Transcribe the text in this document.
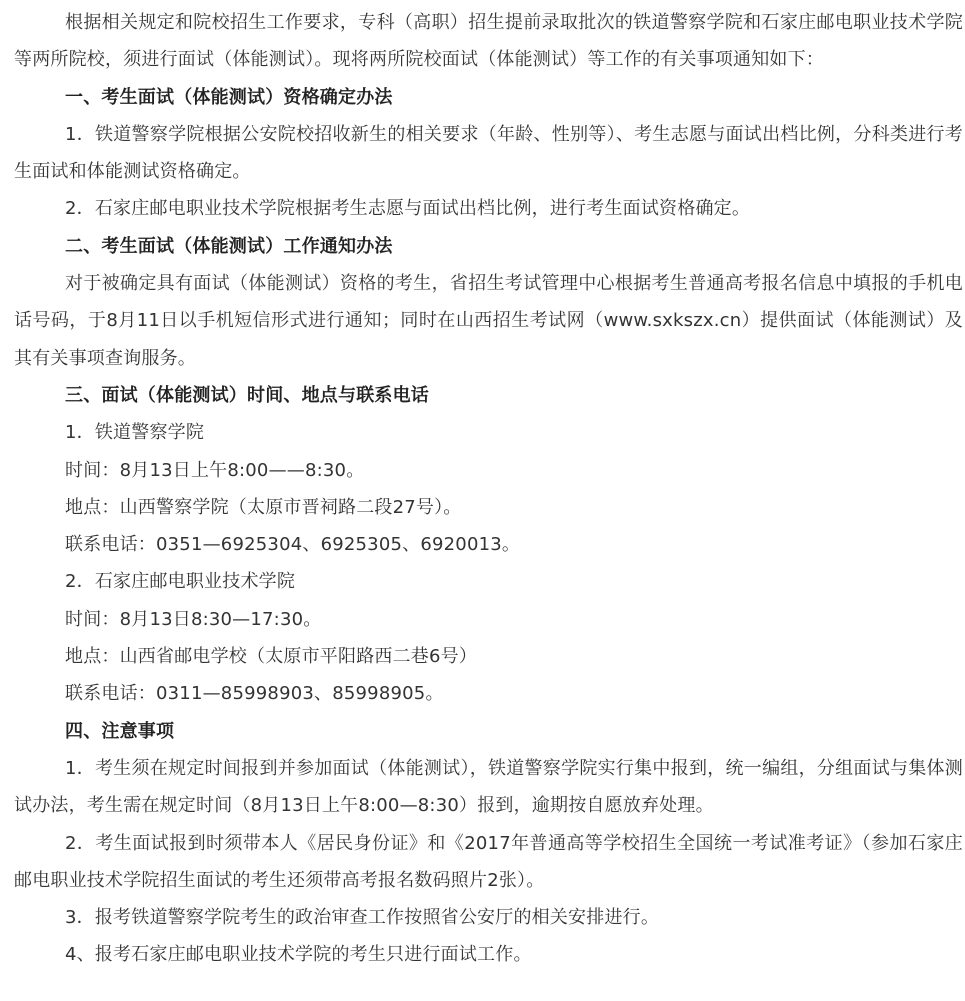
根据相关规定和院校招生工作要求，专科（高职）招生提前录取批次的铁道警察学院和石家庄邮电职业技术学院等两所院校，须进行面试（体能测试）。现将两所院校面试（体能测试）等工作的有关事项通知如下：

一、考生面试（体能测试）资格确定办法

1．铁道警察学院根据公安院校招收新生的相关要求（年龄、性别等）、考生志愿与面试出档比例，分科类进行考生面试和体能测试资格确定。

2．石家庄邮电职业技术学院根据考生志愿与面试出档比例，进行考生面试资格确定。

二、考生面试（体能测试）工作通知办法

对于被确定具有面试（体能测试）资格的考生，省招生考试管理中心根据考生普通高考报名信息中填报的手机电话号码，于8月11日以手机短信形式进行通知；同时在山西招生考试网（www.sxkszx.cn）提供面试（体能测试）及其有关事项查询服务。

三、面试（体能测试）时间、地点与联系电话

1．铁道警察学院

时间：8月13日上午8:00——8:30。

地点：山西警察学院（太原市晋祠路二段27号）。

联系电话：0351—6925304、6925305、6920013。

2．石家庄邮电职业技术学院

时间：8月13日8:30—17:30。

地点：山西省邮电学校（太原市平阳路西二巷6号）

联系电话：0311—85998903、85998905。

四、注意事项

1．考生须在规定时间报到并参加面试（体能测试），铁道警察学院实行集中报到，统一编组，分组面试与集体测试办法，考生需在规定时间（8月13日上午8:00—8:30）报到，逾期按自愿放弃处理。

2．考生面试报到时须带本人《居民身份证》和《2017年普通高等学校招生全国统一考试准考证》（参加石家庄邮电职业技术学院招生面试的考生还须带高考报名数码照片2张）。

3．报考铁道警察学院考生的政治审查工作按照省公安厅的相关安排进行。

4、报考石家庄邮电职业技术学院的考生只进行面试工作。
